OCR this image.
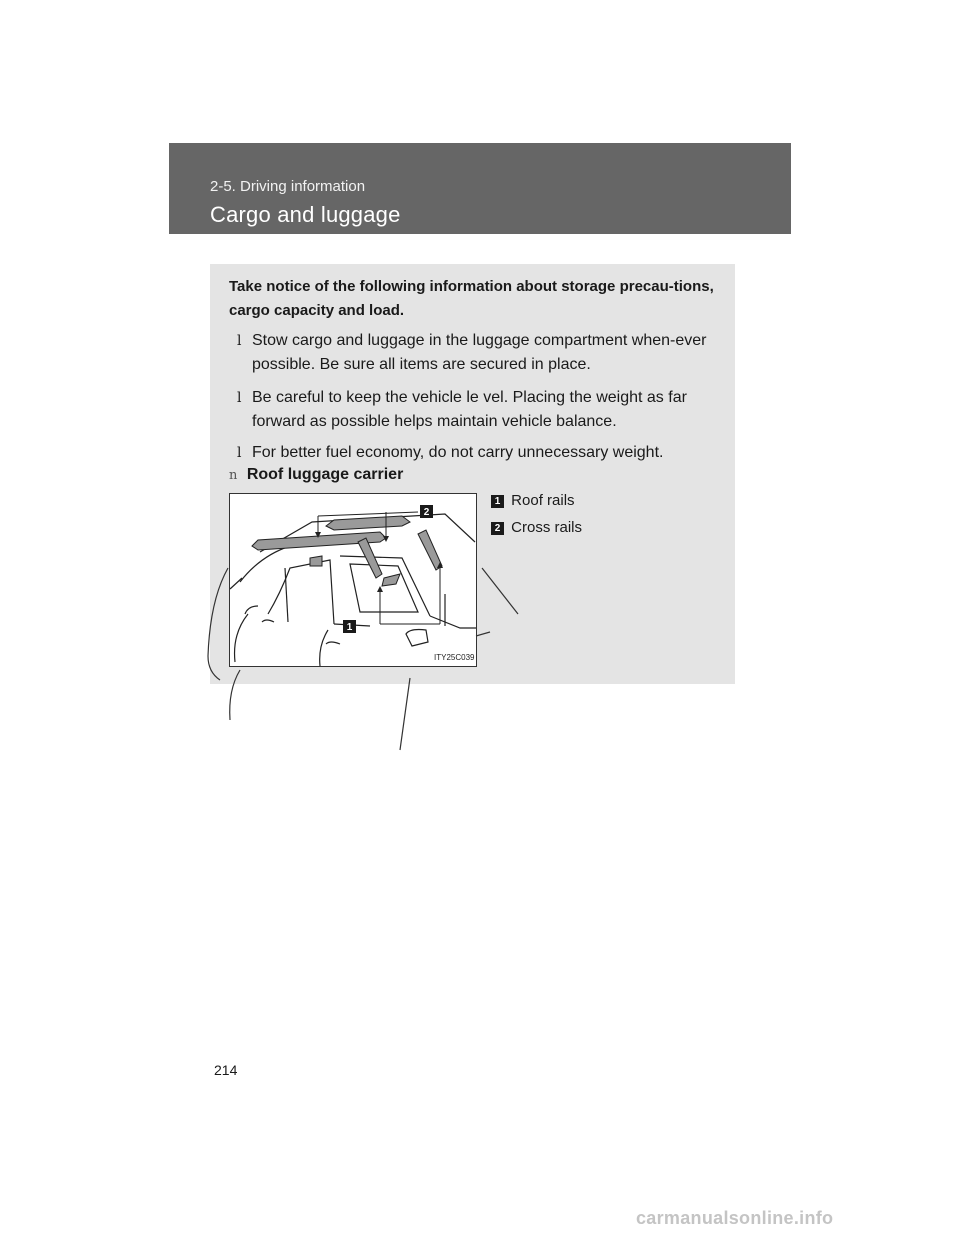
2-5. Driving information
Cargo and luggage
Take notice of the following information about storage precau-tions, cargo capacity and load.
l Stow cargo and luggage in the luggage compartment when-ever possible. Be sure all items are secured in place.
l Be careful to keep the vehicle le vel. Placing the weight as far forward as possible helps maintain vehicle balance.
l For better fuel economy, do not carry unnecessary weight.
n Roof luggage carrier
2
1
ITY25C039
1 Roof rails
2 Cross rails
214
carmanualsonline.info
